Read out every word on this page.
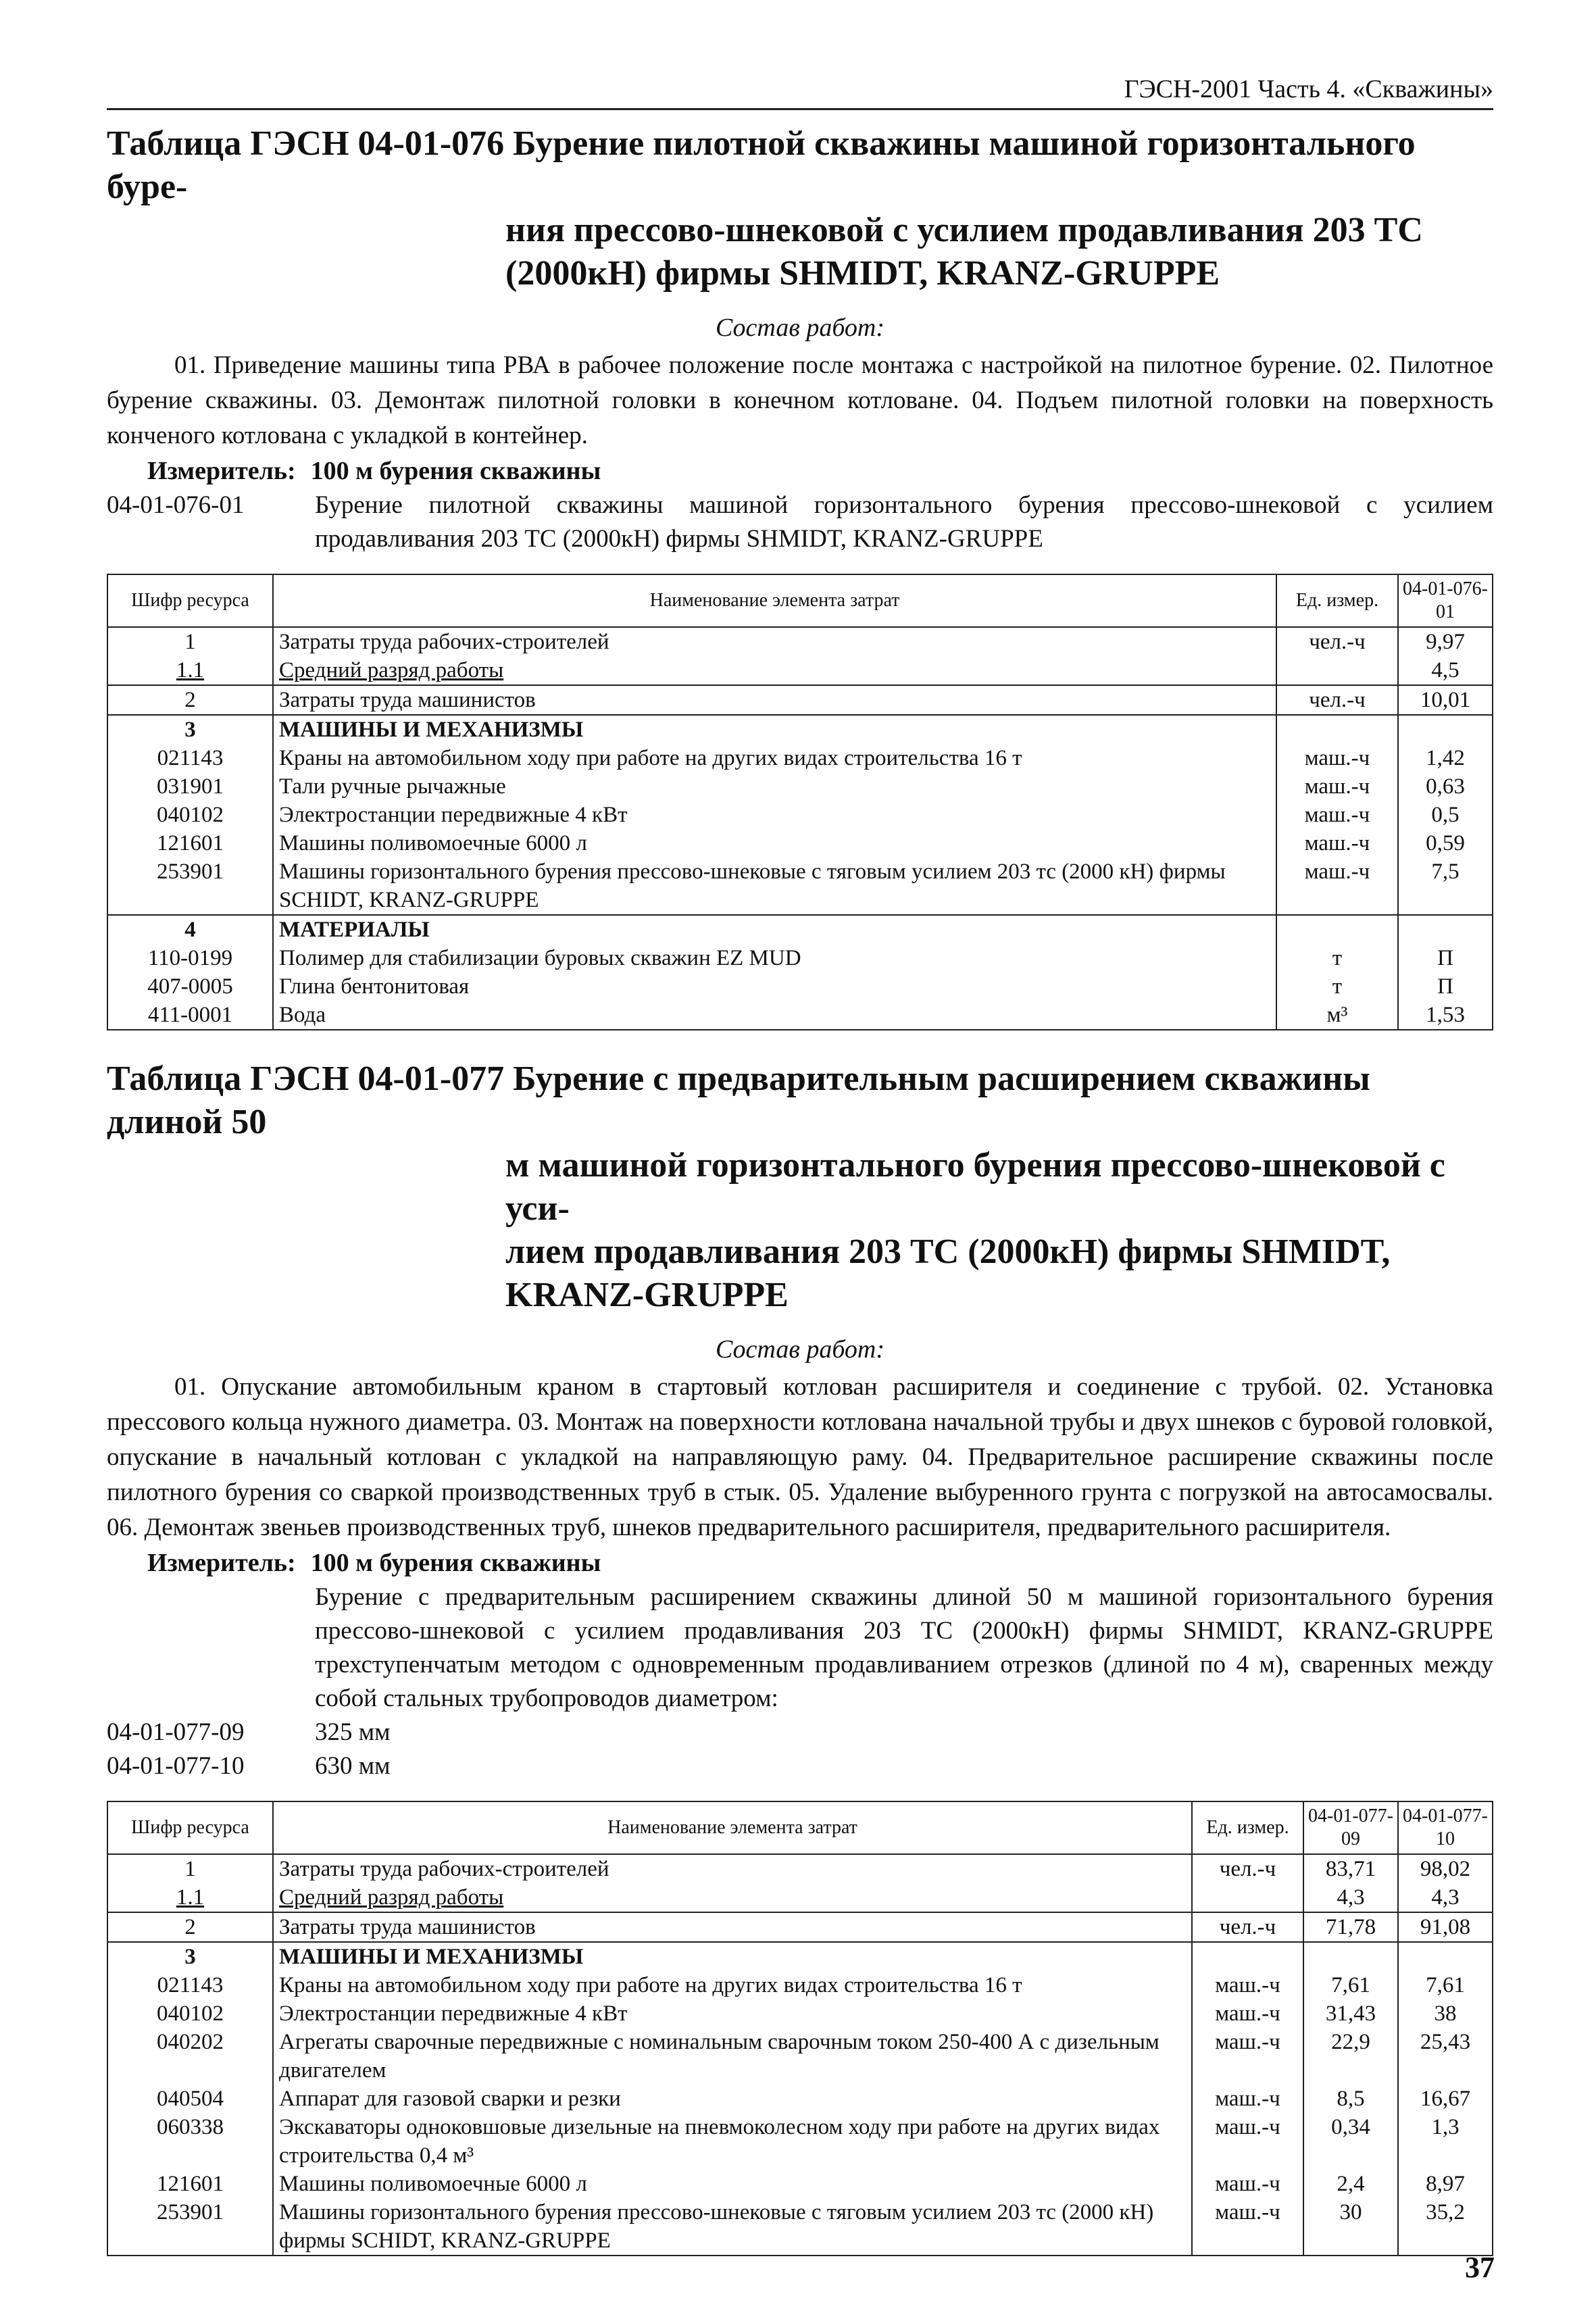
ГЭСН-2001 Часть 4. «Скважины»

Таблица ГЭСН 04-01-076 Бурение пилотной скважины машиной горизонтального буре-
ния прессово-шнековой с усилием продавливания 203 ТС
(2000кН) фирмы SHMIDT, KRANZ-GRUPPE

Состав работ:

01. Приведение машины типа РВА в рабочее положение после монтажа с настройкой на пилотное бурение. 02. Пилотное бурение скважины. 03. Демонтаж пилотной головки в конечном котловане. 04. Подъем пилотной головки на поверхность конченого котлована с укладкой в контейнер.

Измеритель: 100 м бурения скважины
04-01-076-01	Бурение пилотной скважины машиной горизонтального бурения прессово-шнековой с усилием продавливания 203 ТС (2000кН) фирмы SHMIDT, KRANZ-GRUPPE
Шифр ресурса	Наименование элемента затрат	Ед. измер.	04-01-076-01
1	Затраты труда рабочих-строителей	чел.-ч	9,97
1.1	Средний разряд работы		4,5
2	Затраты труда машинистов	чел.-ч	10,01
3	МАШИНЫ И МЕХАНИЗМЫ		
021143	Краны на автомобильном ходу при работе на других видах строительства 16 т	маш.-ч	1,42
031901	Тали ручные рычажные	маш.-ч	0,63
040102	Электростанции передвижные 4 кВт	маш.-ч	0,5
121601	Машины поливомоечные 6000 л	маш.-ч	0,59
253901	Машины горизонтального бурения прессово-шнековые с тяговым усилием 203 тс (2000 кН) фирмы SCHIDT, KRANZ-GRUPPE	маш.-ч	7,5
4	МАТЕРИАЛЫ		
110-0199	Полимер для стабилизации буровых скважин EZ MUD	т	П
407-0005	Глина бентонитовая	т	П
411-0001	Вода	м³	1,53

Таблица ГЭСН 04-01-077 Бурение с предварительным расширением скважины длиной 50
м машиной горизонтального бурения прессово-шнековой с уси-
лием продавливания 203 ТС (2000кН) фирмы SHMIDT,
KRANZ-GRUPPE

Состав работ:

01. Опускание автомобильным краном в стартовый котлован расширителя и соединение с трубой. 02. Установка прессового кольца нужного диаметра. 03. Монтаж на поверхности котлована начальной трубы и двух шнеков с буровой головкой, опускание в начальный котлован с укладкой на направляющую раму. 04. Предварительное расширение скважины после пилотного бурения со сваркой производственных труб в стык. 05. Удаление выбуренного грунта с погрузкой на автосамосвалы. 06. Демонтаж звеньев производственных труб, шнеков предварительного расширителя, предварительного расширителя.

Измеритель: 100 м бурения скважины
Бурение с предварительным расширением скважины длиной 50 м машиной горизонтального бурения прессово-шнековой с усилием продавливания 203 ТС (2000кН) фирмы SHMIDT, KRANZ-GRUPPE трехступенчатым методом с одновременным продавливанием отрезков (длиной по 4 м), сваренных между собой стальных трубопроводов диаметром:
04-01-077-09	325 мм
04-01-077-10	630 мм
Шифр ресурса	Наименование элемента затрат	Ед. измер.	04-01-077-09	04-01-077-10
1	Затраты труда рабочих-строителей	чел.-ч	83,71	98,02
1.1	Средний разряд работы		4,3	4,3
2	Затраты труда машинистов	чел.-ч	71,78	91,08
3	МАШИНЫ И МЕХАНИЗМЫ			
021143	Краны на автомобильном ходу при работе на других видах строительства 16 т	маш.-ч	7,61	7,61
040102	Электростанции передвижные 4 кВт	маш.-ч	31,43	38
040202	Агрегаты сварочные передвижные с номинальным сварочным током 250-400 А с дизельным двигателем	маш.-ч	22,9	25,43
040504	Аппарат для газовой сварки и резки	маш.-ч	8,5	16,67
060338	Экскаваторы одноковшовые дизельные на пневмоколесном ходу при работе на других видах строительства 0,4 м³	маш.-ч	0,34	1,3
121601	Машины поливомоечные 6000 л	маш.-ч	2,4	8,97
253901	Машины горизонтального бурения прессово-шнековые с тяговым усилием 203 тс (2000 кН) фирмы SCHIDT, KRANZ-GRUPPE	маш.-ч	30	35,2
37
